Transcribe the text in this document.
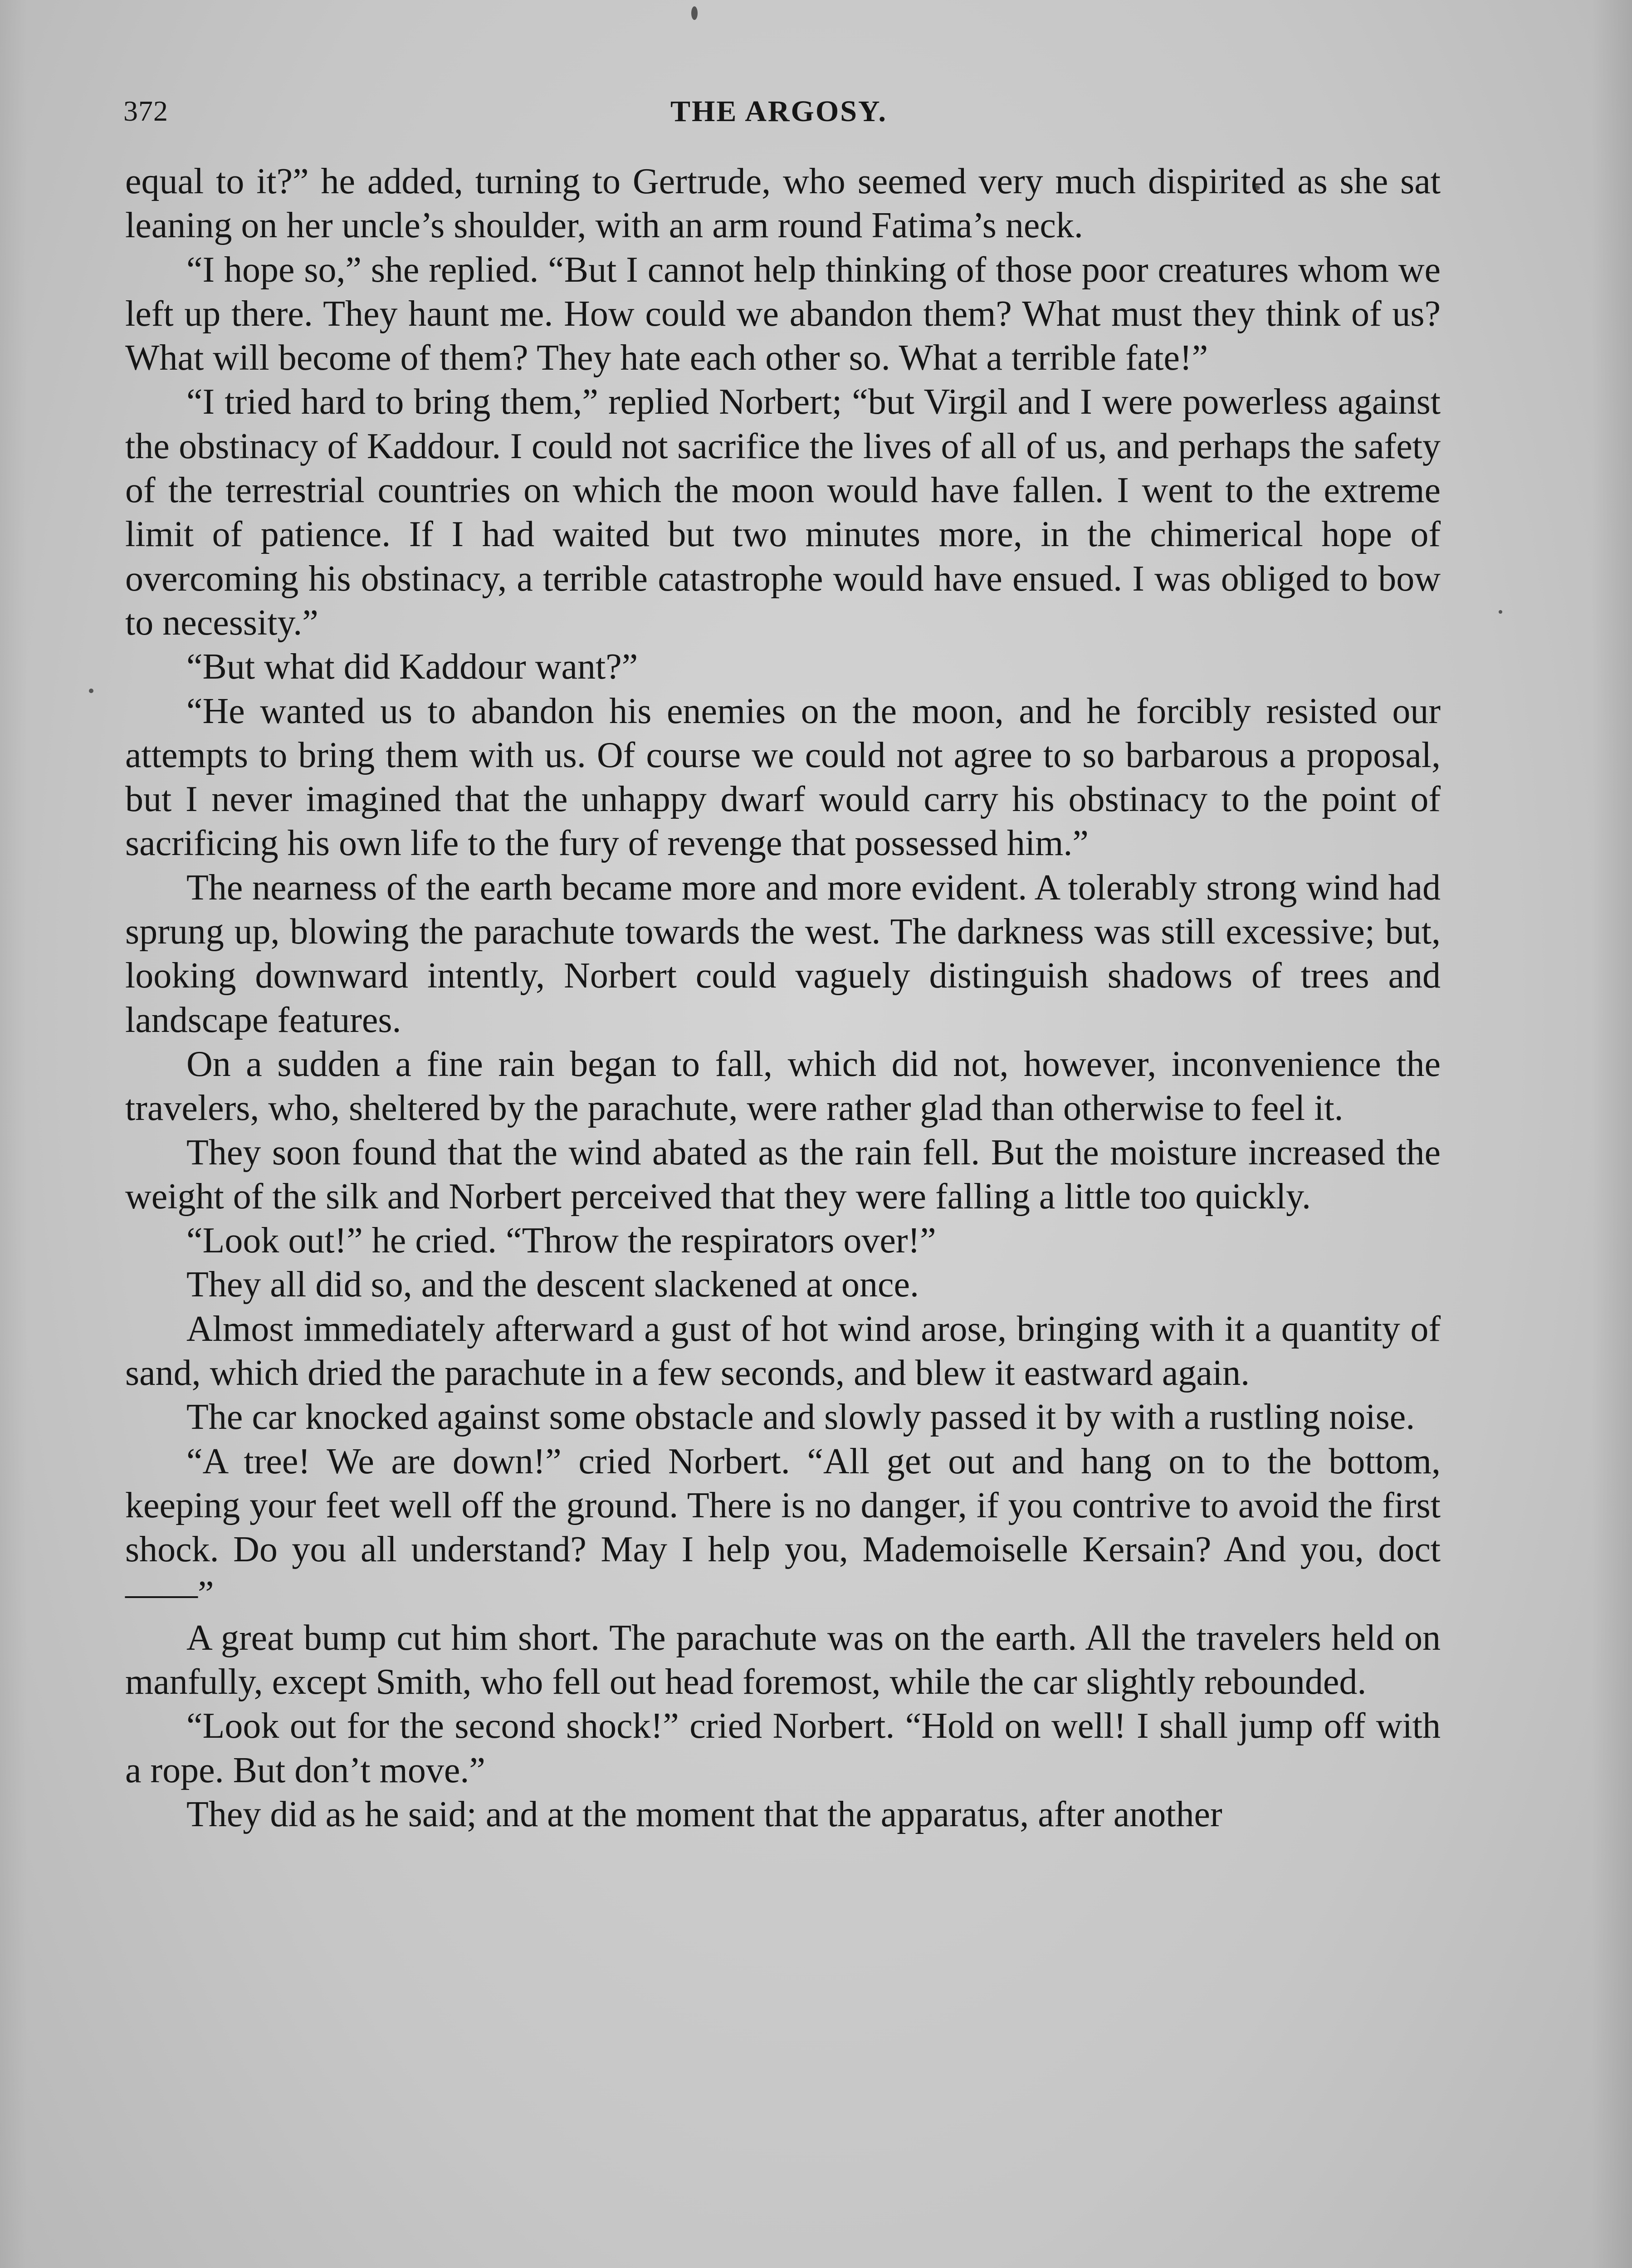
372	THE ARGOSY.

equal to it?” he added, turning to Gertrude, who seemed very much dispirited as she sat leaning on her uncle’s shoulder, with an arm round Fatima’s neck.

“I hope so,” she replied. “But I cannot help thinking of those poor creatures whom we left up there. They haunt me. How could we abandon them? What must they think of us? What will become of them? They hate each other so. What a terrible fate!”

“I tried hard to bring them,” replied Norbert; “but Virgil and I were powerless against the obstinacy of Kaddour. I could not sacrifice the lives of all of us, and perhaps the safety of the terrestrial countries on which the moon would have fallen. I went to the extreme limit of patience. If I had waited but two minutes more, in the chimerical hope of overcoming his obstinacy, a terrible catastrophe would have ensued. I was obliged to bow to necessity.”

“But what did Kaddour want?”

“He wanted us to abandon his enemies on the moon, and he forcibly resisted our attempts to bring them with us. Of course we could not agree to so barbarous a proposal, but I never imagined that the unhappy dwarf would carry his obstinacy to the point of sacrificing his own life to the fury of revenge that possessed him.”

The nearness of the earth became more and more evident. A tolerably strong wind had sprung up, blowing the parachute towards the west. The darkness was still excessive; but, looking downward intently, Norbert could vaguely distinguish shadows of trees and landscape features.

On a sudden a fine rain began to fall, which did not, however, inconvenience the travelers, who, sheltered by the parachute, were rather glad than otherwise to feel it.

They soon found that the wind abated as the rain fell. But the moisture increased the weight of the silk and Norbert perceived that they were falling a little too quickly.

“Look out!” he cried. “Throw the respirators over!”

They all did so, and the descent slackened at once.

Almost immediately afterward a gust of hot wind arose, bringing with it a quantity of sand, which dried the parachute in a few seconds, and blew it eastward again.

The car knocked against some obstacle and slowly passed it by with a rustling noise.

“A tree! We are down!” cried Norbert. “All get out and hang on to the bottom, keeping your feet well off the ground. There is no danger, if you contrive to avoid the first shock. Do you all understand? May I help you, Mademoiselle Kersain? And you, doct——”

A great bump cut him short. The parachute was on the earth. All the travelers held on manfully, except Smith, who fell out head foremost, while the car slightly rebounded.

“Look out for the second shock!” cried Norbert. “Hold on well! I shall jump off with a rope. But don’t move.”

They did as he said; and at the moment that the apparatus, after another
